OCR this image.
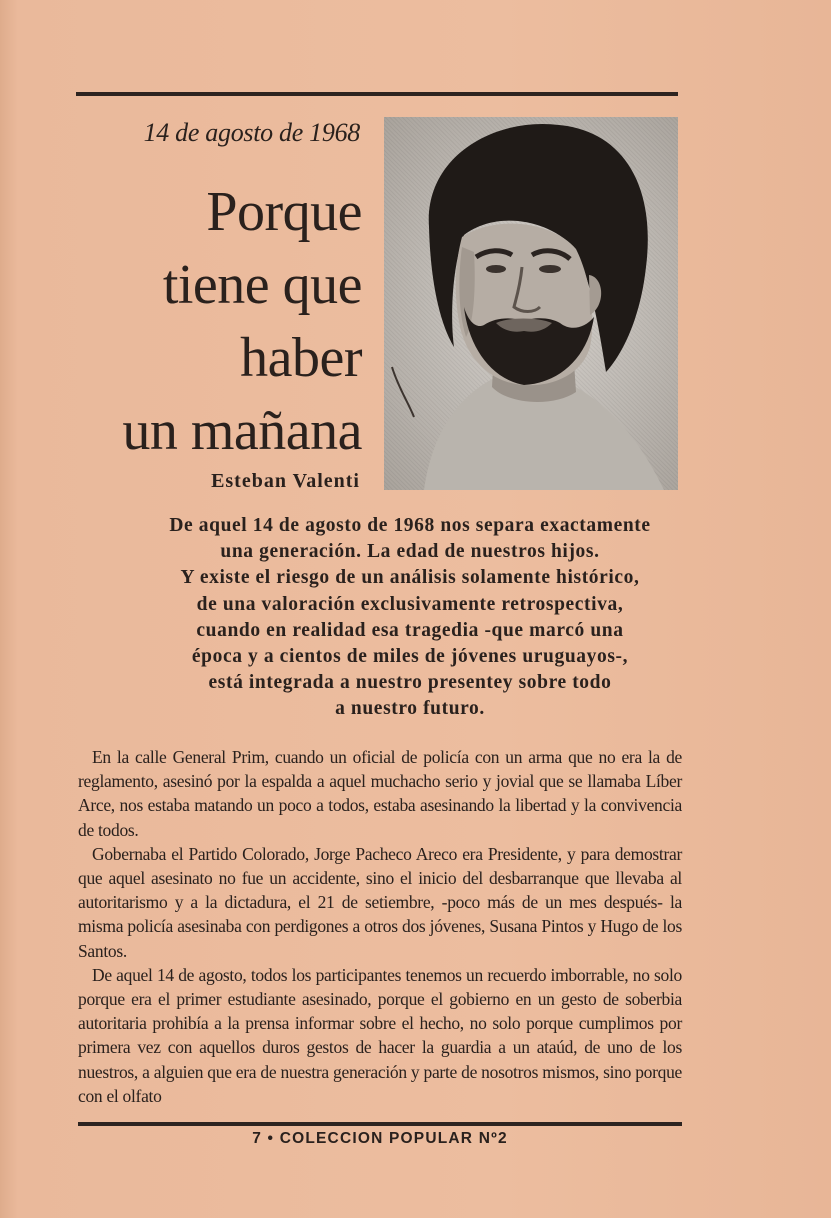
14 de agosto de 1968
Porque
tiene que
haber
un mañana
Esteban Valenti
De aquel 14 de agosto de 1968 nos separa exactamente
una generación. La edad de nuestros hijos.
Y existe el riesgo de un análisis solamente histórico,
de una valoración exclusivamente retrospectiva,
cuando en realidad esa tragedia -que marcó una
época y a cientos de miles de jóvenes uruguayos-,
está integrada a nuestro presentey sobre todo
a nuestro futuro.

En la calle General Prim, cuando un oficial de policía con un arma que no era la de reglamento, asesinó por la espalda a aquel muchacho serio y jovial que se llamaba Líber Arce, nos estaba matando un poco a todos, estaba asesinando la libertad y la convivencia de todos.

Gobernaba el Partido Colorado, Jorge Pacheco Areco era Presidente, y para demostrar que aquel asesinato no fue un accidente, sino el inicio del desbarranque que llevaba al autoritarismo y a la dictadura, el 21 de setiembre, -poco más de un mes después- la misma policía asesinaba con perdigones a otros dos jóvenes, Susana Pintos y Hugo de los Santos.

De aquel 14 de agosto, todos los participantes tenemos un recuerdo imborrable, no solo porque era el primer estudiante asesinado, porque el gobierno en un gesto de soberbia autoritaria prohibía a la prensa informar sobre el hecho, no solo porque cumplimos por primera vez con aquellos duros gestos de hacer la guardia a un ataúd, de uno de los nuestros, a alguien que era de nuestra generación y parte de nosotros mismos, sino porque con el olfato

7 • COLECCION POPULAR Nº2
